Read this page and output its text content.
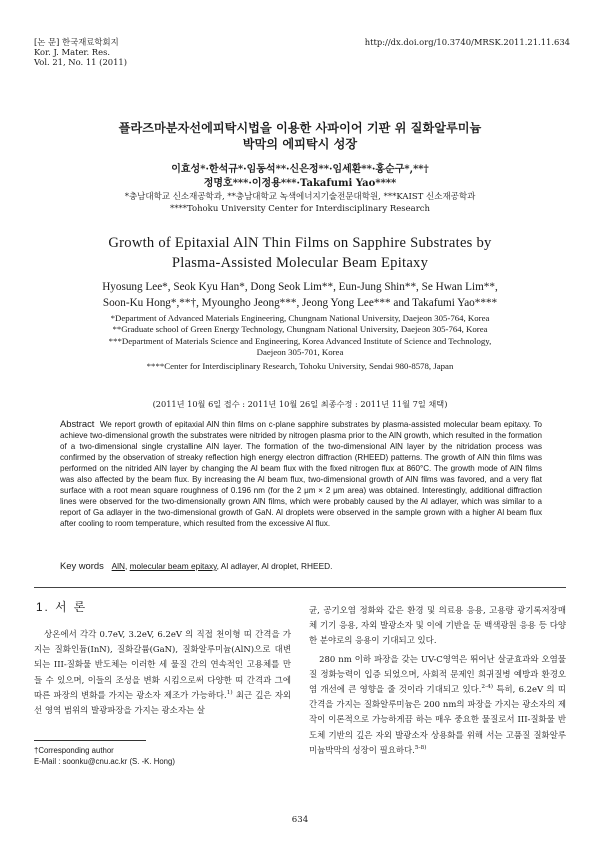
[논 문] 한국재료학회지
Kor. J. Mater. Res.
Vol. 21, No. 11 (2011)
http://dx.doi.org/10.3740/MRSK.2011.21.11.634
플라즈마분자선에피탁시법을 이용한 사파이어 기판 위 질화알루미늄
박막의 에피탁시 성장
이효성*·한석규*·임동석**·신은정**·임세환**·홍순구*,**†
정명호***·이정용***·Takafumi Yao****
*충남대학교 신소재공학과, **충남대학교 녹색에너지기술전문대학원, ***KAIST 신소재공학과
****Tohoku University Center for Interdisciplinary Research
Growth of Epitaxial AlN Thin Films on Sapphire Substrates by
Plasma-Assisted Molecular Beam Epitaxy
Hyosung Lee*, Seok Kyu Han*, Dong Seok Lim**, Eun-Jung Shin**, Se Hwan Lim**,
Soon-Ku Hong*,**†, Myoungho Jeong***, Jeong Yong Lee*** and Takafumi Yao****
*Department of Advanced Materials Engineering, Chungnam National University, Daejeon 305-764, Korea
**Graduate school of Green Energy Technology, Chungnam National University, Daejeon 305-764, Korea
***Department of Materials Science and Engineering, Korea Advanced Institute of Science and Technology,
Daejeon 305-701, Korea
****Center for Interdisciplinary Research, Tohoku University, Sendai 980-8578, Japan
(2011년 10월 6일 접수 : 2011년 10월 26일 최종수정 : 2011년 11월 7일 채택)
Abstract We report growth of epitaxial AlN thin films on c-plane sapphire substrates by plasma-assisted molecular beam epitaxy. To achieve two-dimensional growth the substrates were nitrided by nitrogen plasma prior to the AlN growth, which resulted in the formation of a two-dimensional single crystalline AlN layer. The formation of the two-dimensional AlN layer by the nitridation process was confirmed by the observation of streaky reflection high energy electron diffraction (RHEED) patterns. The growth of AlN thin films was performed on the nitrided AlN layer by changing the Al beam flux with the fixed nitrogen flux at 860°C. The growth mode of AlN films was also affected by the beam flux. By increasing the Al beam flux, two-dimensional growth of AlN films was favored, and a very flat surface with a root mean square roughness of 0.196 nm (for the 2 μm × 2 μm area) was obtained. Interestingly, additional diffraction lines were observed for the two-dimensionally grown AlN films, which were probably caused by the Al adlayer, which was similar to a report of Ga adlayer in the two-dimensional growth of GaN. Al droplets were observed in the sample grown with a higher Al beam flux after cooling to room temperature, which resulted from the excessive Al flux.
Key words AlN, molecular beam epitaxy, Al adlayer, Al droplet, RHEED.
1. 서 론

상온에서 각각 0.7eV, 3.2eV, 6.2eV 의 직접 천이형 띠 간격을 가지는 질화인듐(InN), 질화갈륨(GaN), 질화알루미늄(AlN)으로 대변되는 III-질화물 반도체는 이러한 세 물질 간의 연속적인 고용체를 만들 수 있으며, 이들의 조성을 변화 시킴으로써 다양한 띠 간격과 그에 따른 파장의 변화를 가지는 광소자 제조가 가능하다.$^{1)}$ 최근 깊은 자외선 영역 범위의 발광파장을 가지는 광소자는 살

균, 공기오염 정화와 같은 환경 및 의료용 응용, 고용량 광기록저장매체 기기 응용, 자외 발광소자 및 이에 기반을 둔 백색광원 응용 등 다양한 분야로의 응용이 기대되고 있다.

280 nm 이하 파장을 갖는 UV-C영역은 뛰어난 살균효과와 오염물질 정화능력이 입증 되었으며, 사회적 문제인 희귀질병 예방과 환경오염 개선에 큰 영향을 줄 것이라 기대되고 있다.$^{2-4)}$ 특히, 6.2eV 의 띠간격을 가지는 질화알루미늄은 200 nm의 파장을 가지는 광소자의 제작이 이론적으로 가능하게끔 하는 매우 중요한 물질로서 III-질화물 반도체 기반의 깊은 자외 발광소자 상용화를 위해 서는 고품질 질화알루미늄박막의 성장이 필요하다.$^{5-8)}$

†Corresponding author
E-Mail : soonku@cnu.ac.kr (S. -K. Hong)
634
